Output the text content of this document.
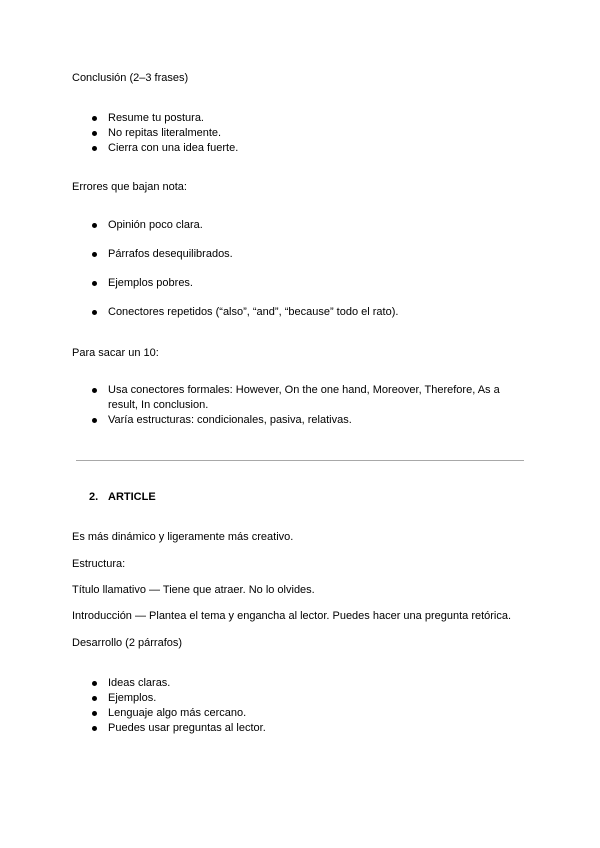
Conclusión (2–3 frases)

Resume tu postura.
No repitas literalmente.
Cierra con una idea fuerte.

Errores que bajan nota:

Opinión poco clara.
Párrafos desequilibrados.
Ejemplos pobres.
Conectores repetidos (“also”, “and”, “because” todo el rato).

Para sacar un 10:

Usa conectores formales: However, On the one hand, Moreover, Therefore, As a result, In conclusion.
Varía estructuras: condicionales, pasiva, relativas.
2. ARTICLE

Es más dinámico y ligeramente más creativo.

Estructura:

Título llamativo — Tiene que atraer. No lo olvides.

Introducción — Plantea el tema y engancha al lector. Puedes hacer una pregunta retórica.

Desarrollo (2 párrafos)

Ideas claras.
Ejemplos.
Lenguaje algo más cercano.
Puedes usar preguntas al lector.
